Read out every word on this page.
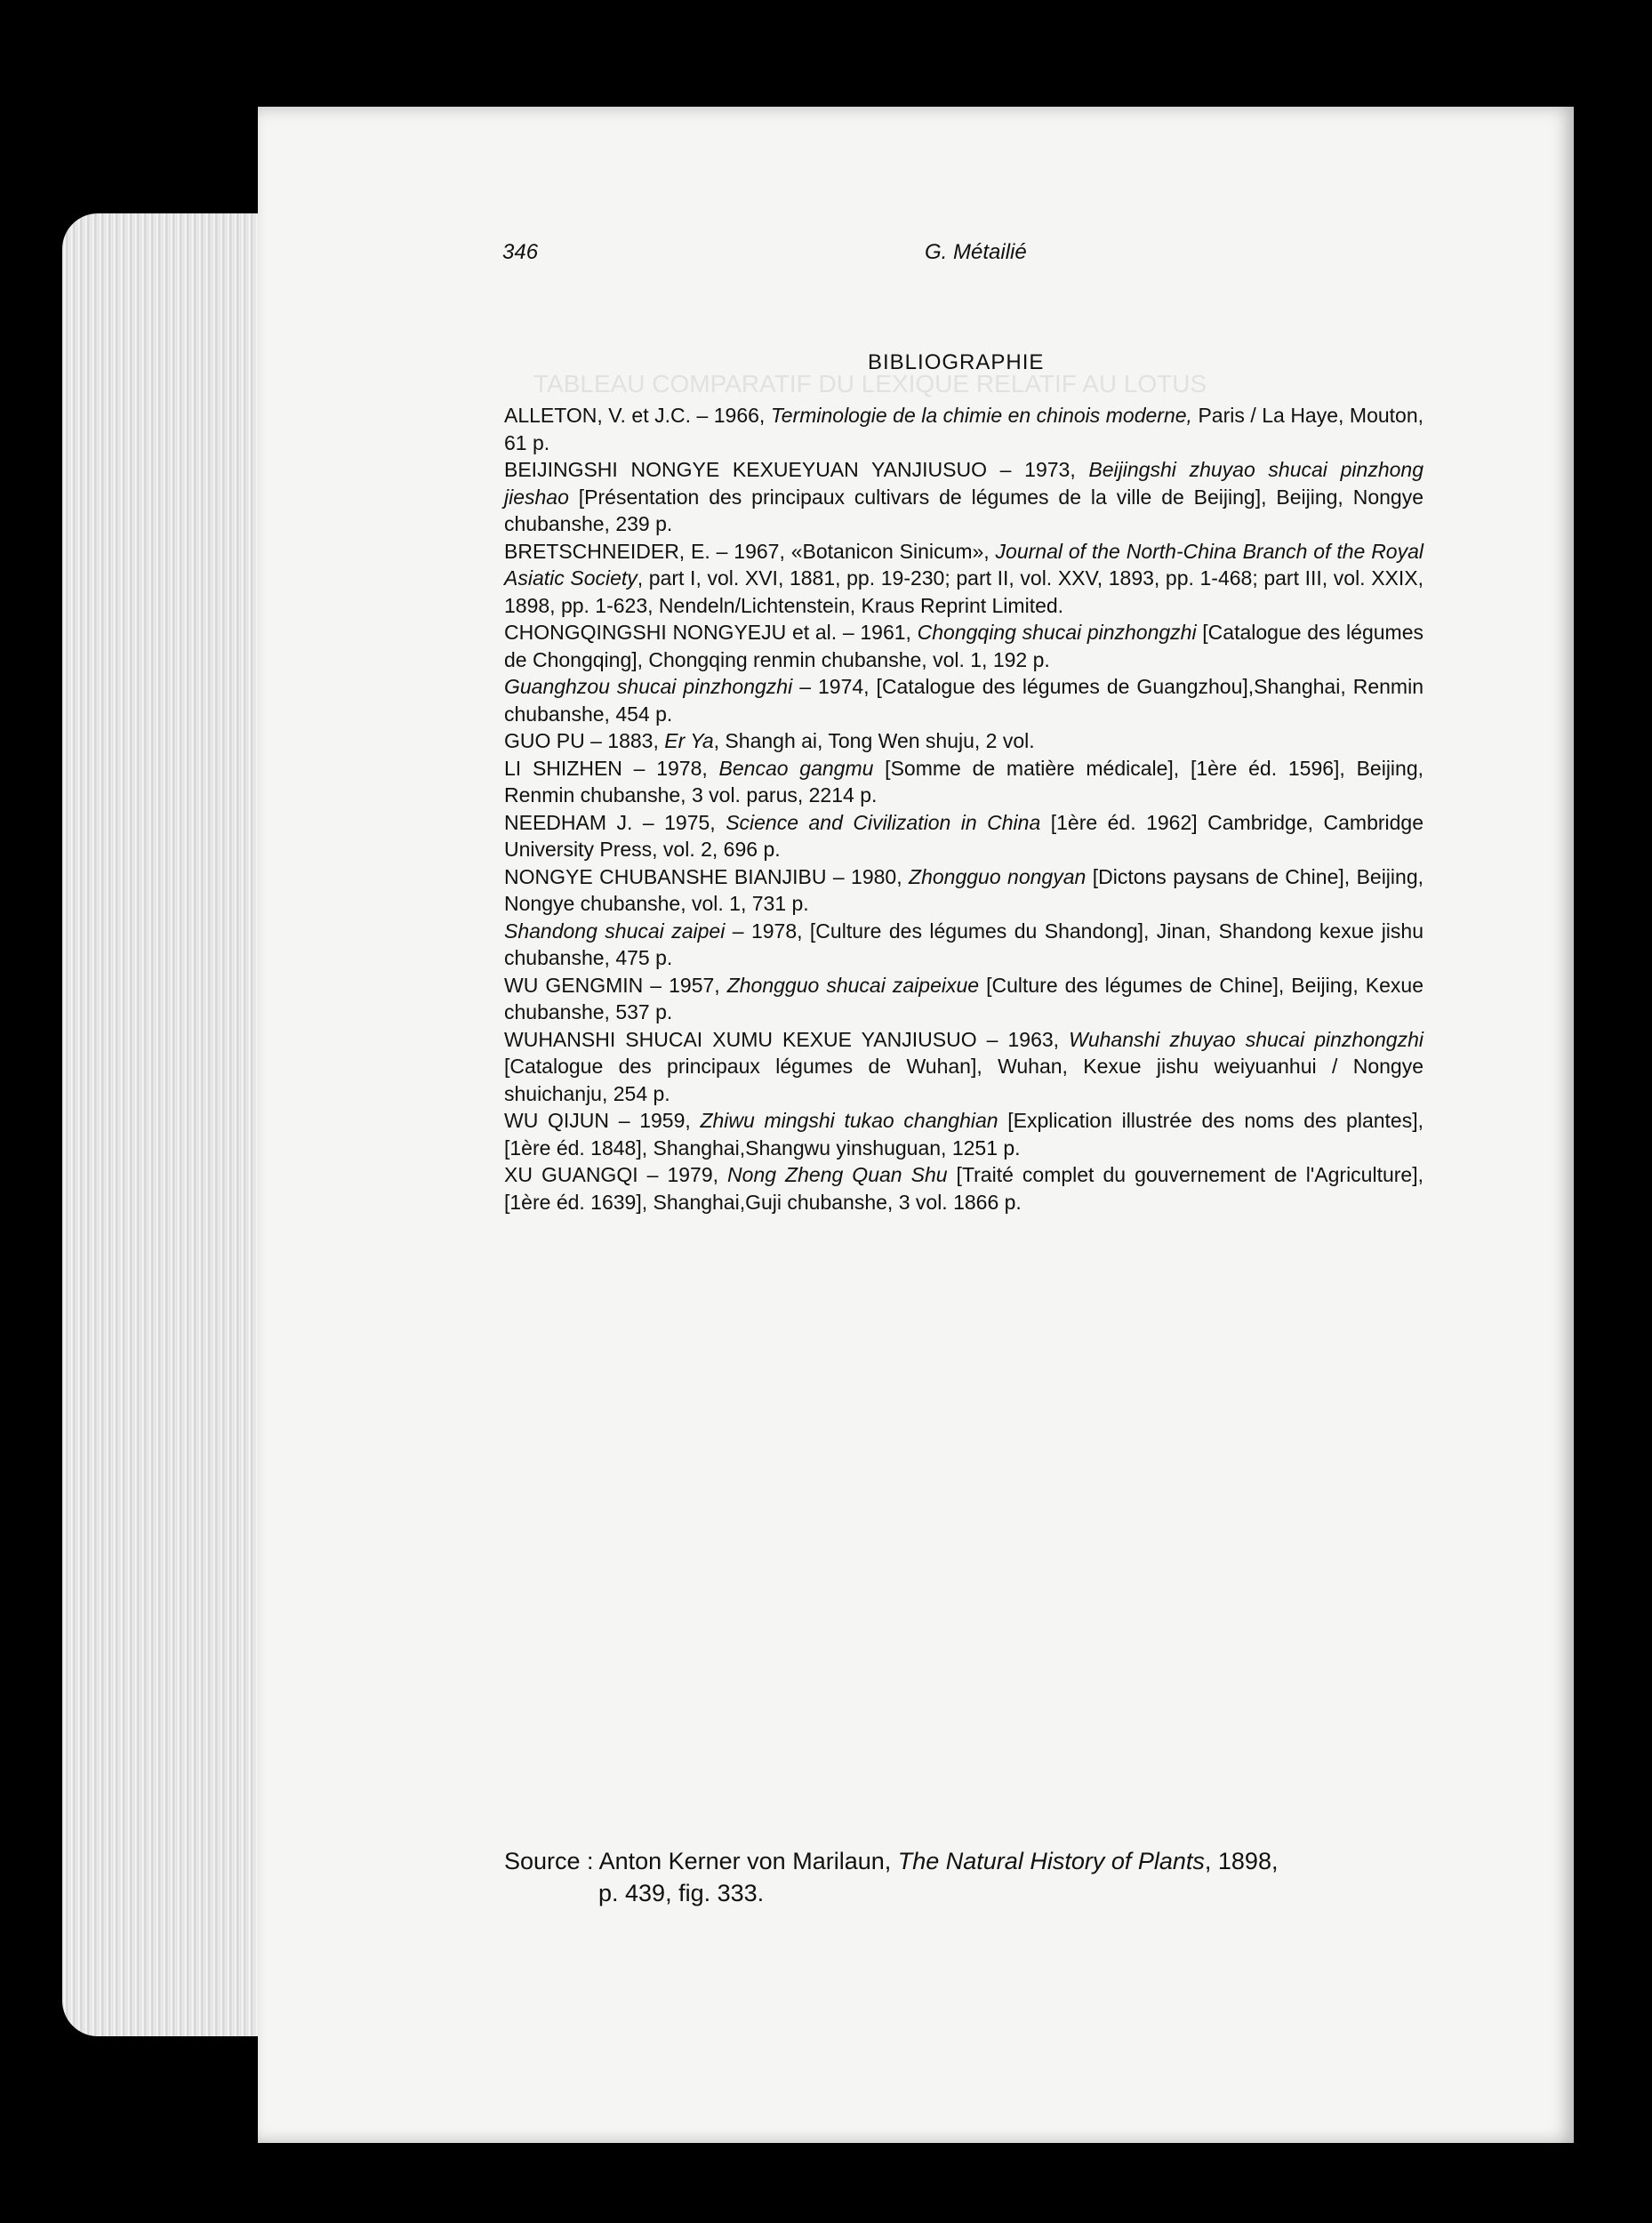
TABLEAU COMPARATIF DU LEXIQUE RELATIF AU LOTUS
346	G. Métailié
BIBLIOGRAPHIE

ALLETON, V. et J.C. – 1966, Terminologie de la chimie en chinois moderne, Paris / La Haye, Mouton, 61 p.

BEIJINGSHI NONGYE KEXUEYUAN YANJIUSUO – 1973, Beijingshi zhuyao shucai pinzhong jieshao [Présentation des principaux cultivars de légumes de la ville de Beijing], Beijing, Nongye chubanshe, 239 p.

BRETSCHNEIDER, E. – 1967, «Botanicon Sinicum», Journal of the North-China Branch of the Royal Asiatic Society, part I, vol. XVI, 1881, pp. 19-230; part II, vol. XXV, 1893, pp. 1-468; part III, vol. XXIX, 1898, pp. 1-623, Nendeln/Lichtenstein, Kraus Reprint Limited.

CHONGQINGSHI NONGYEJU et al. – 1961, Chongqing shucai pinzhongzhi [Catalogue des légumes de Chongqing], Chongqing renmin chubanshe, vol. 1, 192 p.

Guanghzou shucai pinzhongzhi – 1974, [Catalogue des légumes de Guangzhou],Shanghai, Renmin chubanshe, 454 p.

GUO PU – 1883, Er Ya, Shangh ai, Tong Wen shuju, 2 vol.

LI SHIZHEN – 1978, Bencao gangmu [Somme de matière médicale], [1ère éd. 1596], Beijing, Renmin chubanshe, 3 vol. parus, 2214 p.

NEEDHAM J. – 1975, Science and Civilization in China [1ère éd. 1962] Cambridge, Cambridge University Press, vol. 2, 696 p.

NONGYE CHUBANSHE BIANJIBU – 1980, Zhongguo nongyan [Dictons paysans de Chine], Beijing, Nongye chubanshe, vol. 1, 731 p.

Shandong shucai zaipei – 1978, [Culture des légumes du Shandong], Jinan, Shandong kexue jishu chubanshe, 475 p.

WU GENGMIN – 1957, Zhongguo shucai zaipeixue [Culture des légumes de Chine], Beijing, Kexue chubanshe, 537 p.

WUHANSHI SHUCAI XUMU KEXUE YANJIUSUO – 1963, Wuhanshi zhuyao shucai pinzhongzhi [Catalogue des principaux légumes de Wuhan], Wuhan, Kexue jishu weiyuanhui / Nongye shuichanju, 254 p.

WU QIJUN – 1959, Zhiwu mingshi tukao changhian [Explication illustrée des noms des plantes], [1ère éd. 1848], Shanghai,Shangwu yinshuguan, 1251 p.

XU GUANGQI – 1979, Nong Zheng Quan Shu [Traité complet du gouvernement de l'Agriculture], [1ère éd. 1639], Shanghai,Guji chubanshe, 3 vol. 1866 p.

Source : Anton Kerner von Marilaun, The Natural History of Plants, 1898,
p. 439, fig. 333.
